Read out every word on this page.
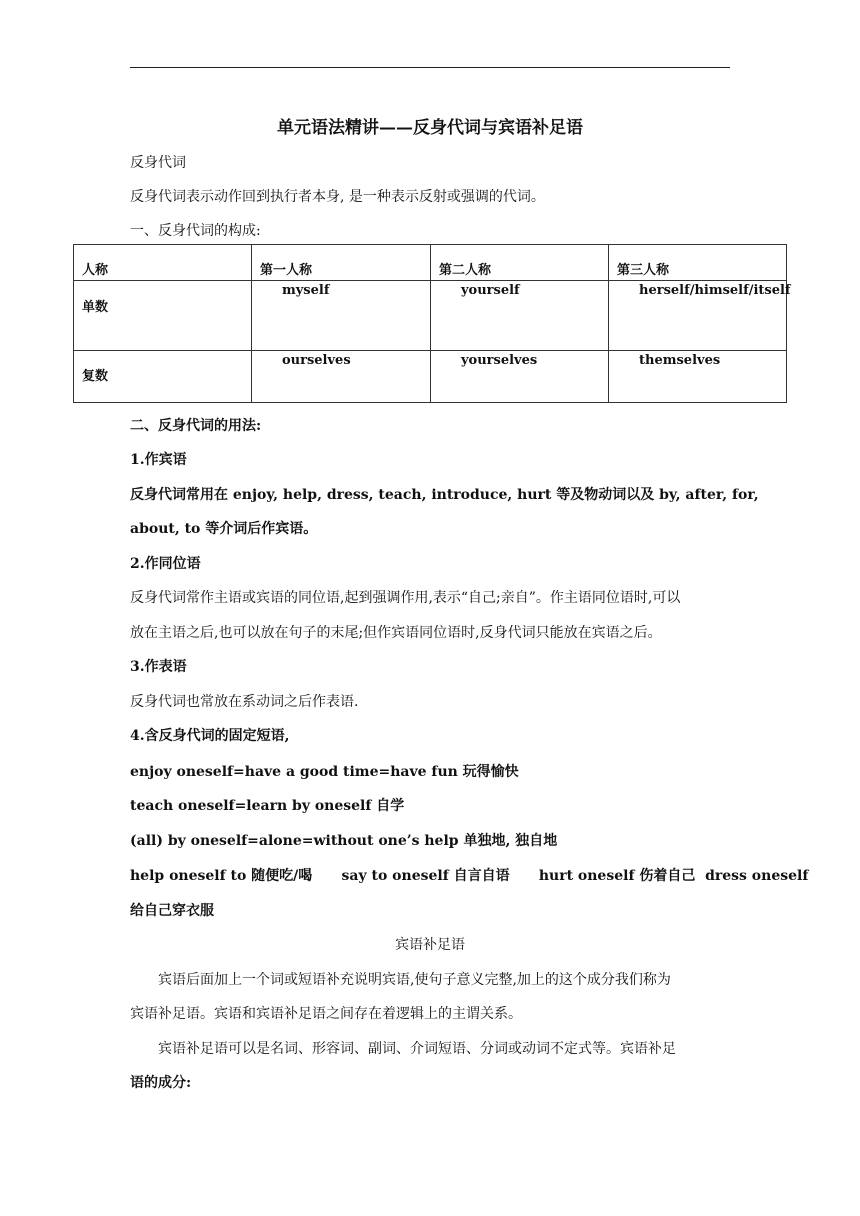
单元语法精讲——反身代词与宾语补足语
反身代词
反身代词表示动作回到执行者本身, 是一种表示反射或强调的代词。
一、反身代词的构成:
人称	第一人称	第二人称	第三人称

单数	myself	yourself	herself/himself/itself

复数	ourselves	yourselves	themselves
二、反身代词的用法:
1.作宾语
反身代词常用在 enjoy, help, dress, teach, introduce, hurt 等及物动词以及 by, after, for,
about, to 等介词后作宾语。
2.作同位语
反身代词常作主语或宾语的同位语,起到强调作用,表示“自己;亲自”。作主语同位语时,可以
放在主语之后,也可以放在句子的末尾;但作宾语同位语时,反身代词只能放在宾语之后。
3.作表语
反身代词也常放在系动词之后作表语.
4.含反身代词的固定短语,
enjoy oneself=have a good time=have fun 玩得愉快
teach oneself=learn by oneself 自学
(all) by oneself=alone=without one’s help 单独地, 独自地
help oneself to 随便吃/喝      say to oneself 自言自语      hurt oneself 伤着自己  dress oneself
给自己穿衣服
宾语补足语
宾语后面加上一个词或短语补充说明宾语,使句子意义完整,加上的这个成分我们称为
宾语补足语。宾语和宾语补足语之间存在着逻辑上的主谓关系。
宾语补足语可以是名词、形容词、副词、介词短语、分词或动词不定式等。宾语补足
语的成分:
